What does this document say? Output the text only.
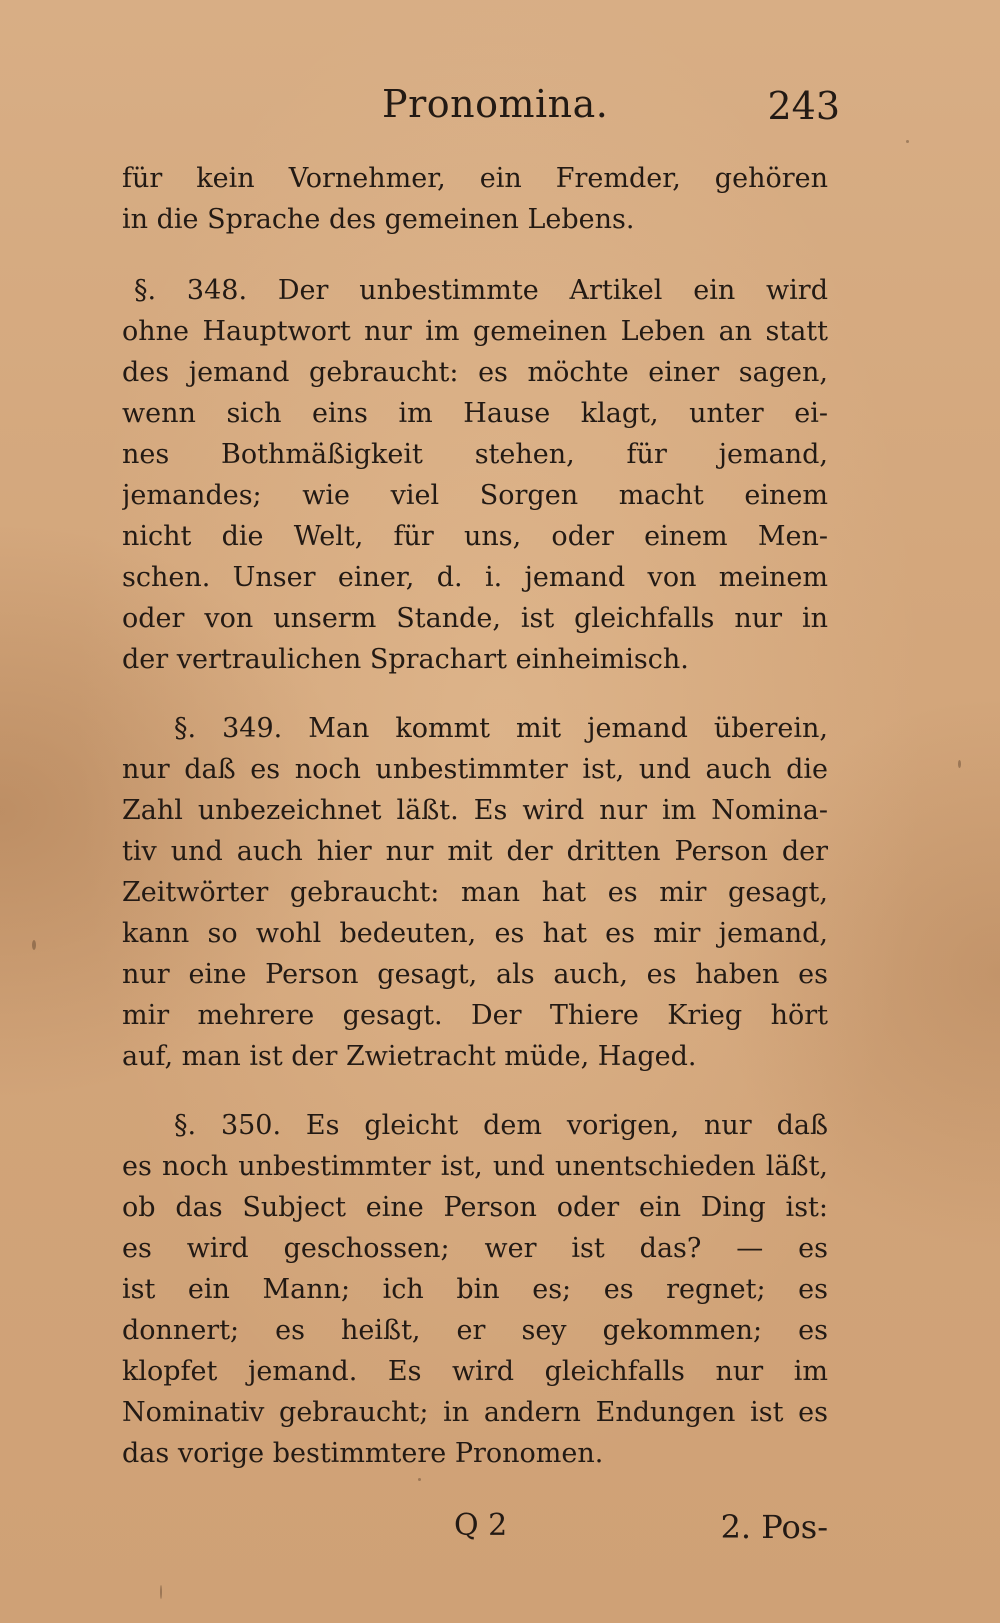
Pronomina.	243
für kein Vornehmer, ein Fremder, gehören
in die Sprache des gemeinen Lebens.
§. 348. Der unbestimmte Artikel ein wird
ohne Hauptwort nur im gemeinen Leben an statt
des jemand gebraucht: es möchte einer sagen,
wenn sich eins im Hause klagt, unter ei-
nes Bothmäßigkeit stehen, für jemand,
jemandes; wie viel Sorgen macht einem
nicht die Welt, für uns, oder einem Men-
schen. Unser einer, d. i. jemand von meinem
oder von unserm Stande, ist gleichfalls nur in
der vertraulichen Sprachart einheimisch.
§. 349. Man kommt mit jemand überein,
nur daß es noch unbestimmter ist, und auch die
Zahl unbezeichnet läßt. Es wird nur im Nomina-
tiv und auch hier nur mit der dritten Person der
Zeitwörter gebraucht: man hat es mir gesagt,
kann so wohl bedeuten, es hat es mir jemand,
nur eine Person gesagt, als auch, es haben es
mir mehrere gesagt. Der Thiere Krieg hört
auf, man ist der Zwietracht müde, Haged.
§. 350. Es gleicht dem vorigen, nur daß
es noch unbestimmter ist, und unentschieden läßt,
ob das Subject eine Person oder ein Ding ist:
es wird geschossen; wer ist das? — es
ist ein Mann; ich bin es; es regnet; es
donnert; es heißt, er sey gekommen; es
klopfet jemand. Es wird gleichfalls nur im
Nominativ gebraucht; in andern Endungen ist es
das vorige bestimmtere Pronomen.
Q 2	2. Pos-
